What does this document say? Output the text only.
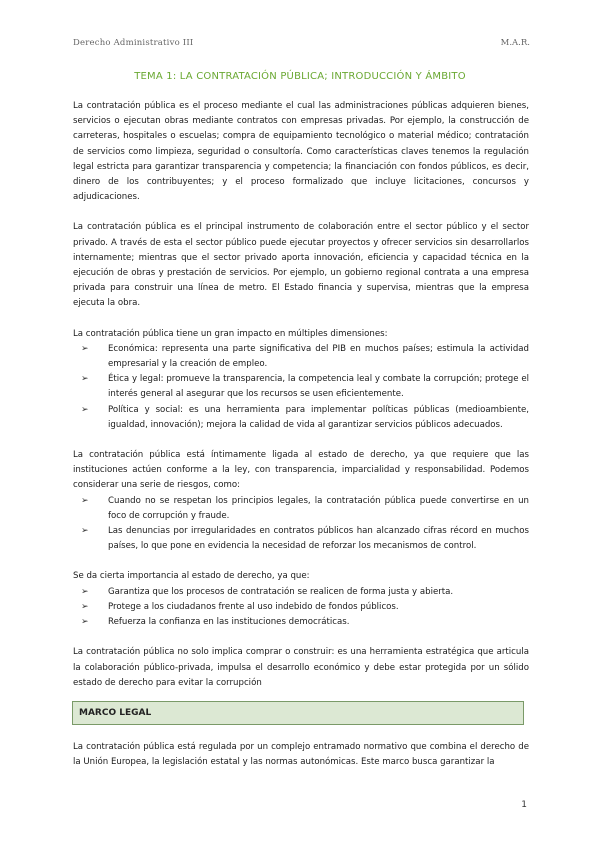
Derecho Administrativo III	M.A.R.
TEMA 1: LA CONTRATACIÓN PÚBLICA; INTRODUCCIÓN Y ÁMBITO

La contratación pública es el proceso mediante el cual las administraciones públicas adquieren bienes, servicios o ejecutan obras mediante contratos con empresas privadas. Por ejemplo, la construcción de carreteras, hospitales o escuelas; compra de equipamiento tecnológico o material médico; contratación de servicios como limpieza, seguridad o consultoría. Como características claves tenemos la regulación legal estricta para garantizar transparencia y competencia; la financiación con fondos públicos, es decir, dinero de los contribuyentes; y el proceso formalizado que incluye licitaciones, concursos y adjudicaciones.

La contratación pública es el principal instrumento de colaboración entre el sector público y el sector privado. A través de esta el sector público puede ejecutar proyectos y ofrecer servicios sin desarrollarlos internamente; mientras que el sector privado aporta innovación, eficiencia y capacidad técnica en la ejecución de obras y prestación de servicios. Por ejemplo, un gobierno regional contrata a una empresa privada para construir una línea de metro. El Estado financia y supervisa, mientras que la empresa ejecuta la obra.

La contratación pública tiene un gran impacto en múltiples dimensiones:

➢ Económica: representa una parte significativa del PIB en muchos países; estimula la actividad empresarial y la creación de empleo.
➢ Ética y legal: promueve la transparencia, la competencia leal y combate la corrupción; protege el interés general al asegurar que los recursos se usen eficientemente.
➢ Política y social: es una herramienta para implementar políticas públicas (medioambiente, igualdad, innovación); mejora la calidad de vida al garantizar servicios públicos adecuados.

La contratación pública está íntimamente ligada al estado de derecho, ya que requiere que las instituciones actúen conforme a la ley, con transparencia, imparcialidad y responsabilidad. Podemos considerar una serie de riesgos, como:

➢ Cuando no se respetan los principios legales, la contratación pública puede convertirse en un foco de corrupción y fraude.
➢ Las denuncias por irregularidades en contratos públicos han alcanzado cifras récord en muchos países, lo que pone en evidencia la necesidad de reforzar los mecanismos de control.

Se da cierta importancia al estado de derecho, ya que:

➢ Garantiza que los procesos de contratación se realicen de forma justa y abierta.
➢ Protege a los ciudadanos frente al uso indebido de fondos públicos.
➢ Refuerza la confianza en las instituciones democráticas.

La contratación pública no solo implica comprar o construir: es una herramienta estratégica que articula la colaboración público-privada, impulsa el desarrollo económico y debe estar protegida por un sólido estado de derecho para evitar la corrupción

MARCO LEGAL
La contratación pública está regulada por un complejo entramado normativo que combina el derecho de la Unión Europea, la legislación estatal y las normas autonómicas. Este marco busca garantizar la
1
